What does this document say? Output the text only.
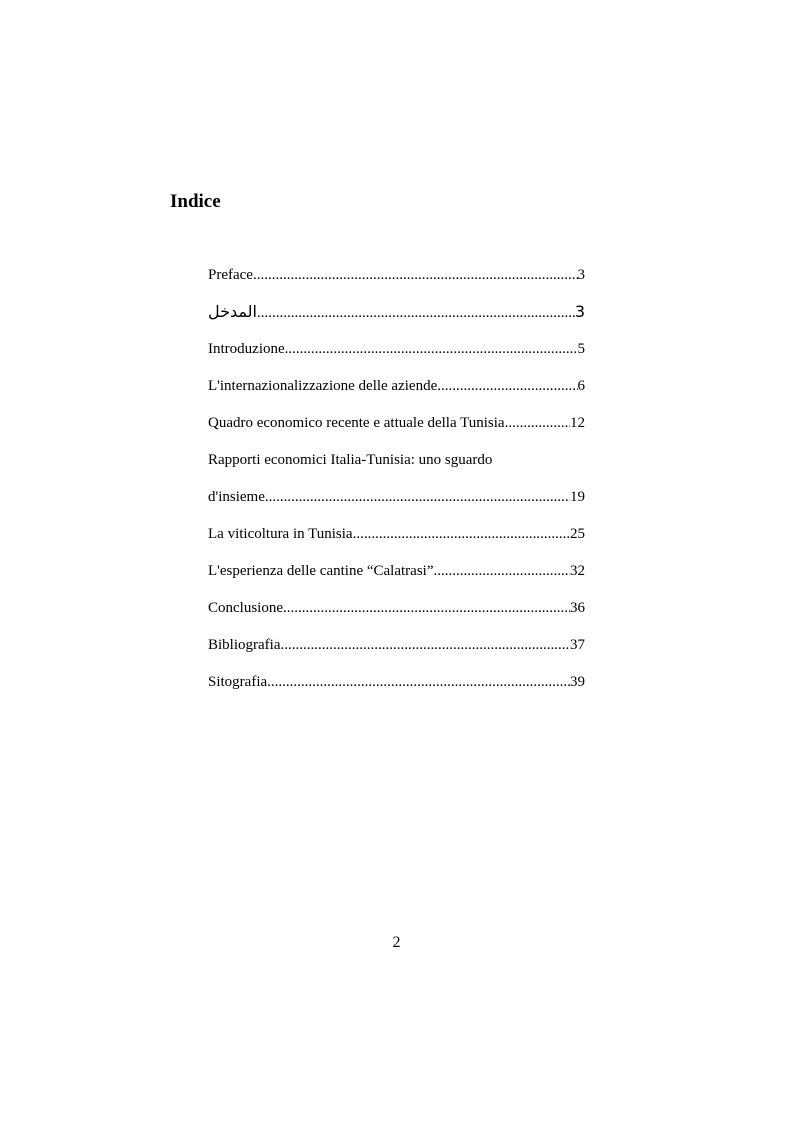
Indice
Preface .....	3
المدخل .....	3
Introduzione .....	5
L'internazionalizzazione delle aziende .....	6
Quadro economico recente e attuale della Tunisia .....	12
Rapporti economici Italia-Tunisia: uno sguardo
d'insieme .....	19
La viticoltura in Tunisia .....	25
L'esperienza delle cantine “Calatrasi” .....	32
Conclusione .....	36
Bibliografia .....	37
Sitografia .....	39
2
